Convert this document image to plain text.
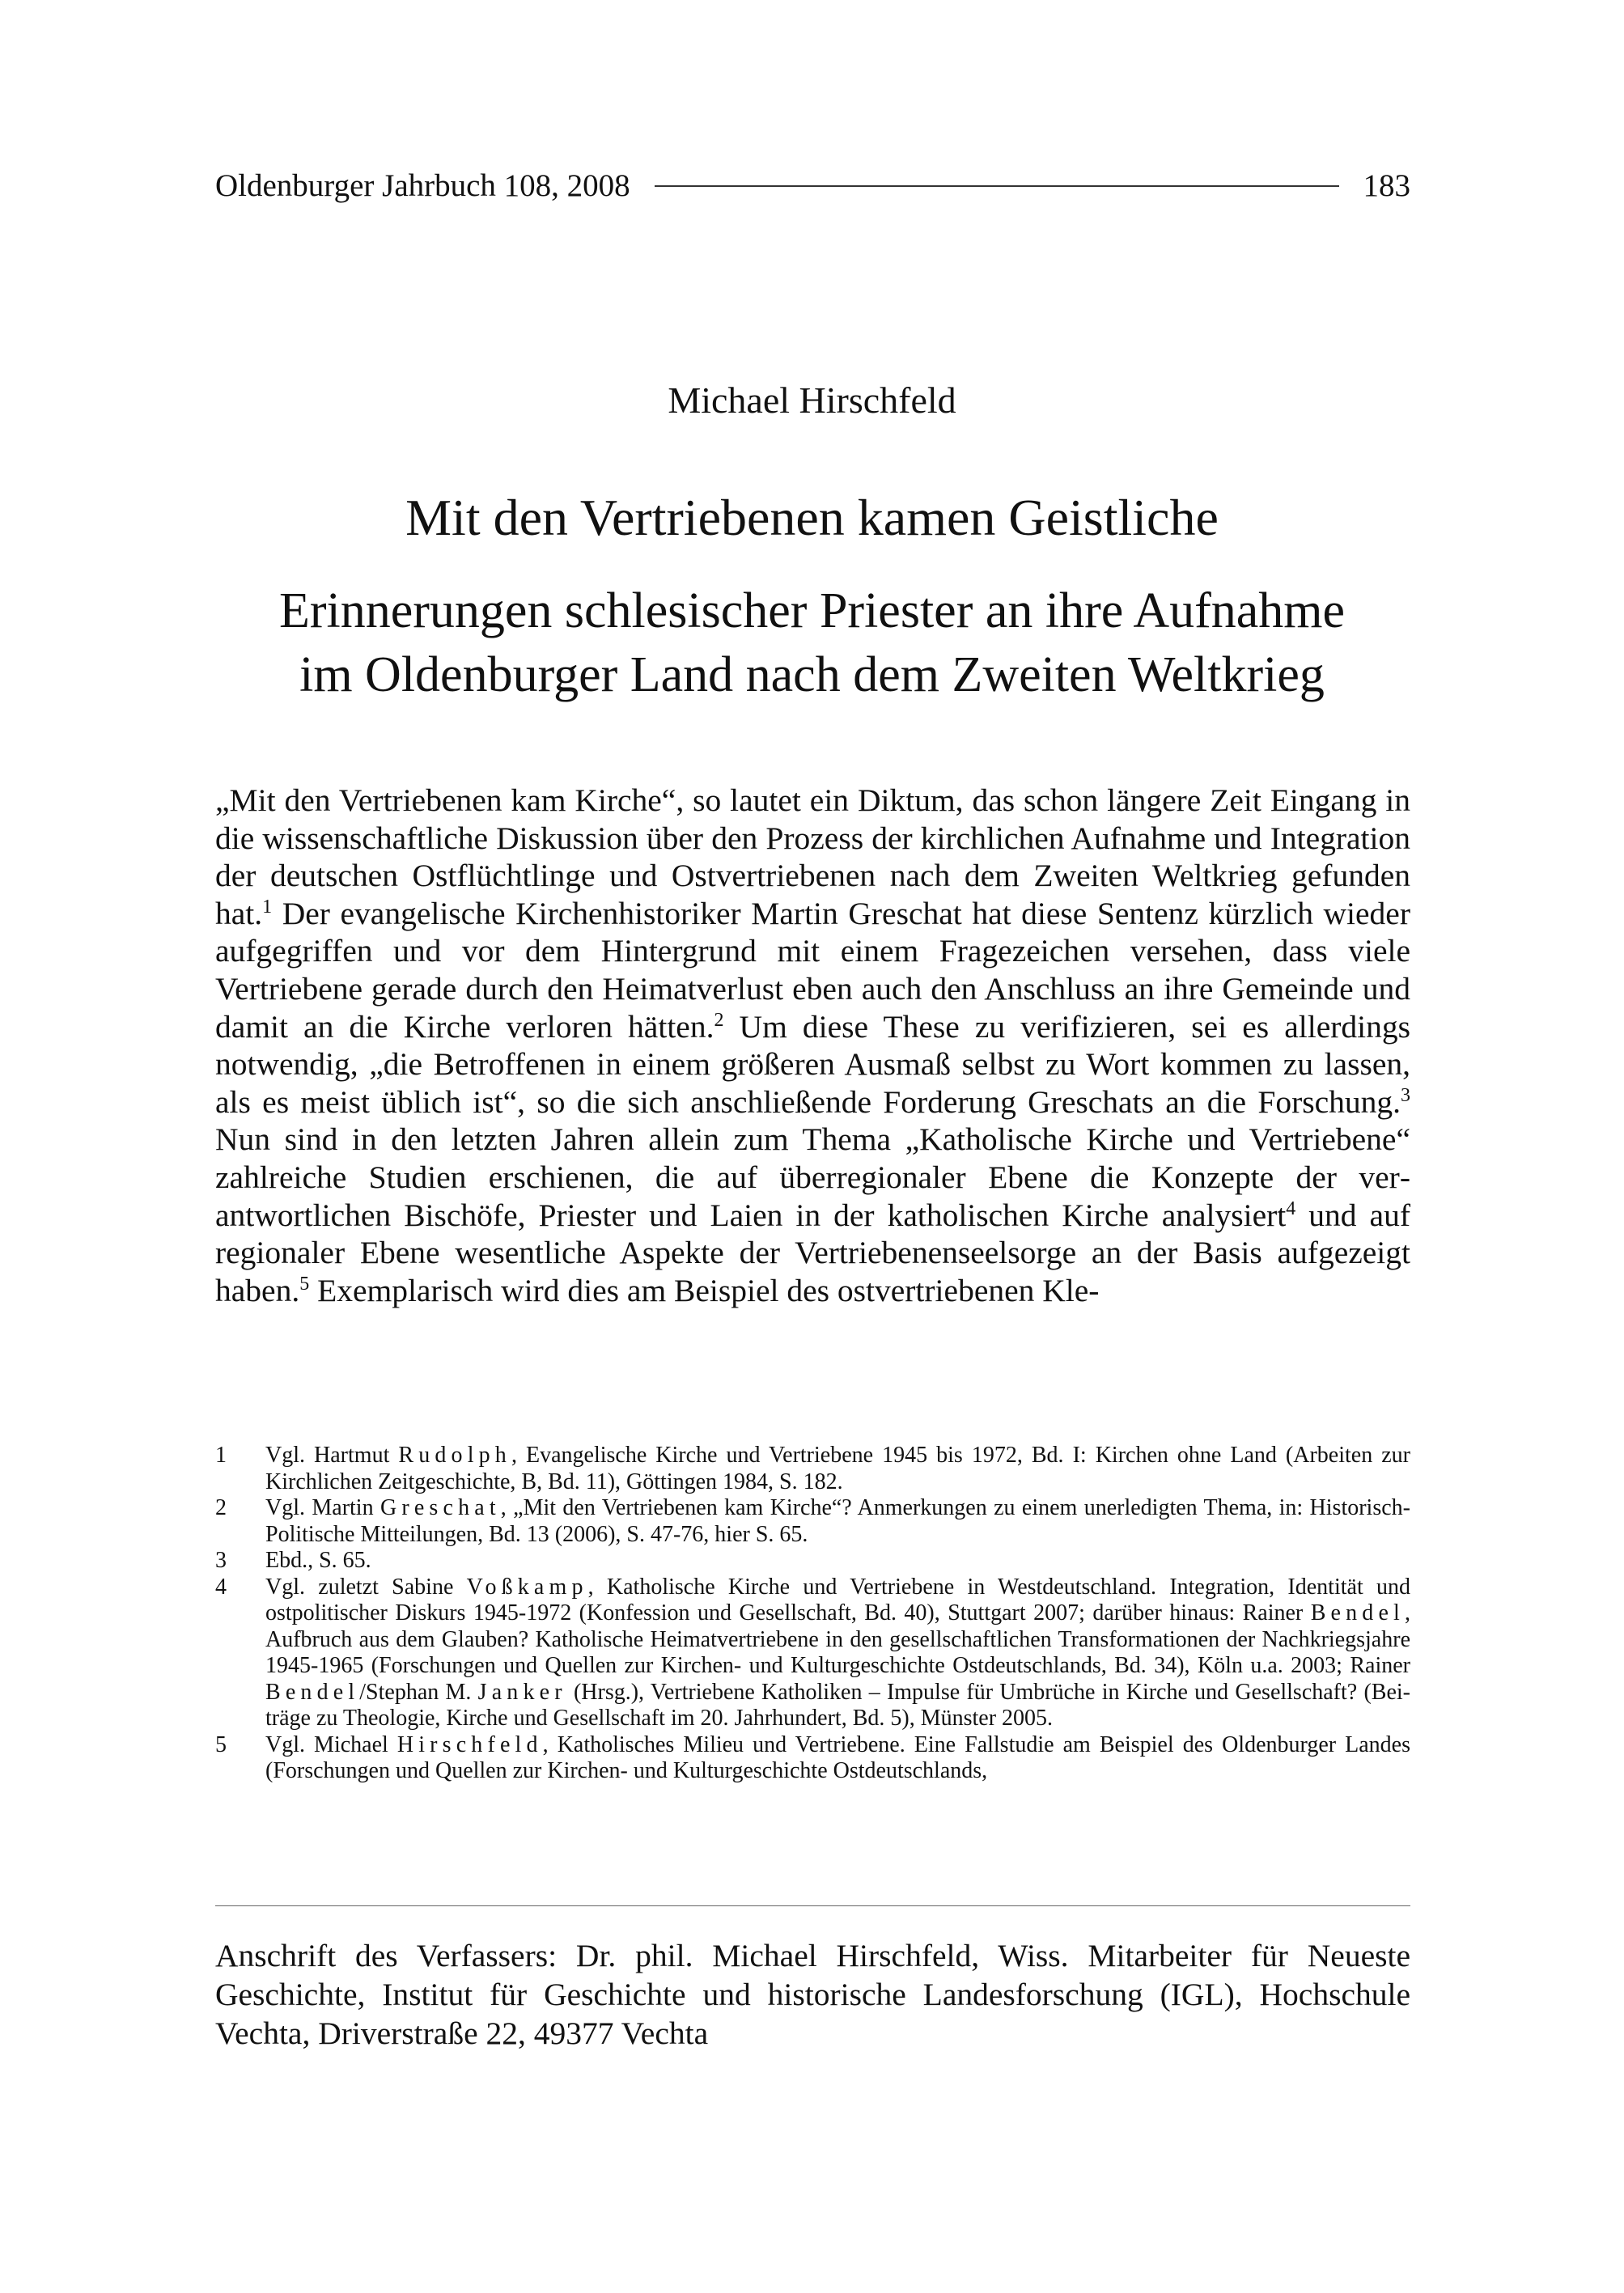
Oldenburger Jahrbuch 108, 2008	183
Michael Hirschfeld
Mit den Vertriebenen kamen Geistliche
Erinnerungen schlesischer Priester an ihre Aufnahme
im Oldenburger Land nach dem Zweiten Weltkrieg

„Mit den Vertriebenen kam Kirche“, so lautet ein Diktum, das schon längere Zeit Eingang in die wissenschaftliche Diskussion über den Prozess der kirchlichen Aufnahme und Integration der deutschen Ostflüchtlinge und Ostvertriebenen nach dem Zweiten Weltkrieg gefunden hat.$^1$ Der evangelische Kirchenhistoriker Martin Greschat hat diese Sentenz kürzlich wieder aufgegriffen und vor dem Hintergrund mit einem Fragezeichen versehen, dass viele Vertriebene gerade durch den Heimatverlust eben auch den Anschluss an ihre Gemeinde und damit an die Kirche verloren hätten.$^2$ Um diese These zu verifizieren, sei es allerdings notwendig, „die Betroffenen in einem größeren Ausmaß selbst zu Wort kommen zu lassen, als es meist üblich ist“, so die sich anschließende Forderung Greschats an die Forschung.$^3$ Nun sind in den letzten Jahren allein zum Thema „Katholische Kirche und Vertriebene“ zahlreiche Studien erschienen, die auf überregionaler Ebene die Konzepte der verantwortlichen Bischöfe, Priester und Laien in der katholischen Kirche analysiert$^4$ und auf regionaler Ebene wesentliche Aspekte der Vertriebenenseelsorge an der Basis aufgezeigt haben.$^5$ Exemplarisch wird dies am Beispiel des ostvertriebenen Kle-

1	Vgl. Hartmut Rudolph, Evangelische Kirche und Vertriebene 1945 bis 1972, Bd. I: Kirchen ohne Land (Arbeiten zur Kirchlichen Zeitgeschichte, B, Bd. 11), Göttingen 1984, S. 182.
2	Vgl. Martin Greschat, „Mit den Vertriebenen kam Kirche“? Anmerkungen zu einem unerledigten Thema, in: Historisch-Politische Mitteilungen, Bd. 13 (2006), S. 47-76, hier S. 65.
3	Ebd., S. 65.
4	Vgl. zuletzt Sabine Voßkamp, Katholische Kirche und Vertriebene in Westdeutschland. Integration, Identität und ostpolitischer Diskurs 1945-1972 (Konfession und Gesellschaft, Bd. 40), Stuttgart 2007; darüber hinaus: Rainer Bendel, Aufbruch aus dem Glauben? Katholische Heimatvertriebene in den gesellschaftlichen Transformationen der Nachkriegsjahre 1945-1965 (Forschungen und Quellen zur Kirchen- und Kulturgeschichte Ostdeutschlands, Bd. 34), Köln u.a. 2003; Rainer Bendel/Stephan M. Janker (Hrsg.), Vertriebene Katholiken – Impulse für Umbrüche in Kirche und Gesellschaft? (Beiträge zu Theologie, Kirche und Gesellschaft im 20. Jahrhundert, Bd. 5), Münster 2005.
5	Vgl. Michael Hirschfeld, Katholisches Milieu und Vertriebene. Eine Fallstudie am Beispiel des Oldenburger Landes (Forschungen und Quellen zur Kirchen- und Kulturgeschichte Ostdeutschlands,
Anschrift des Verfassers: Dr. phil. Michael Hirschfeld, Wiss. Mitarbeiter für Neueste Geschichte, Institut für Geschichte und historische Landesforschung (IGL), Hochschule Vechta, Driverstraße 22, 49377 Vechta
